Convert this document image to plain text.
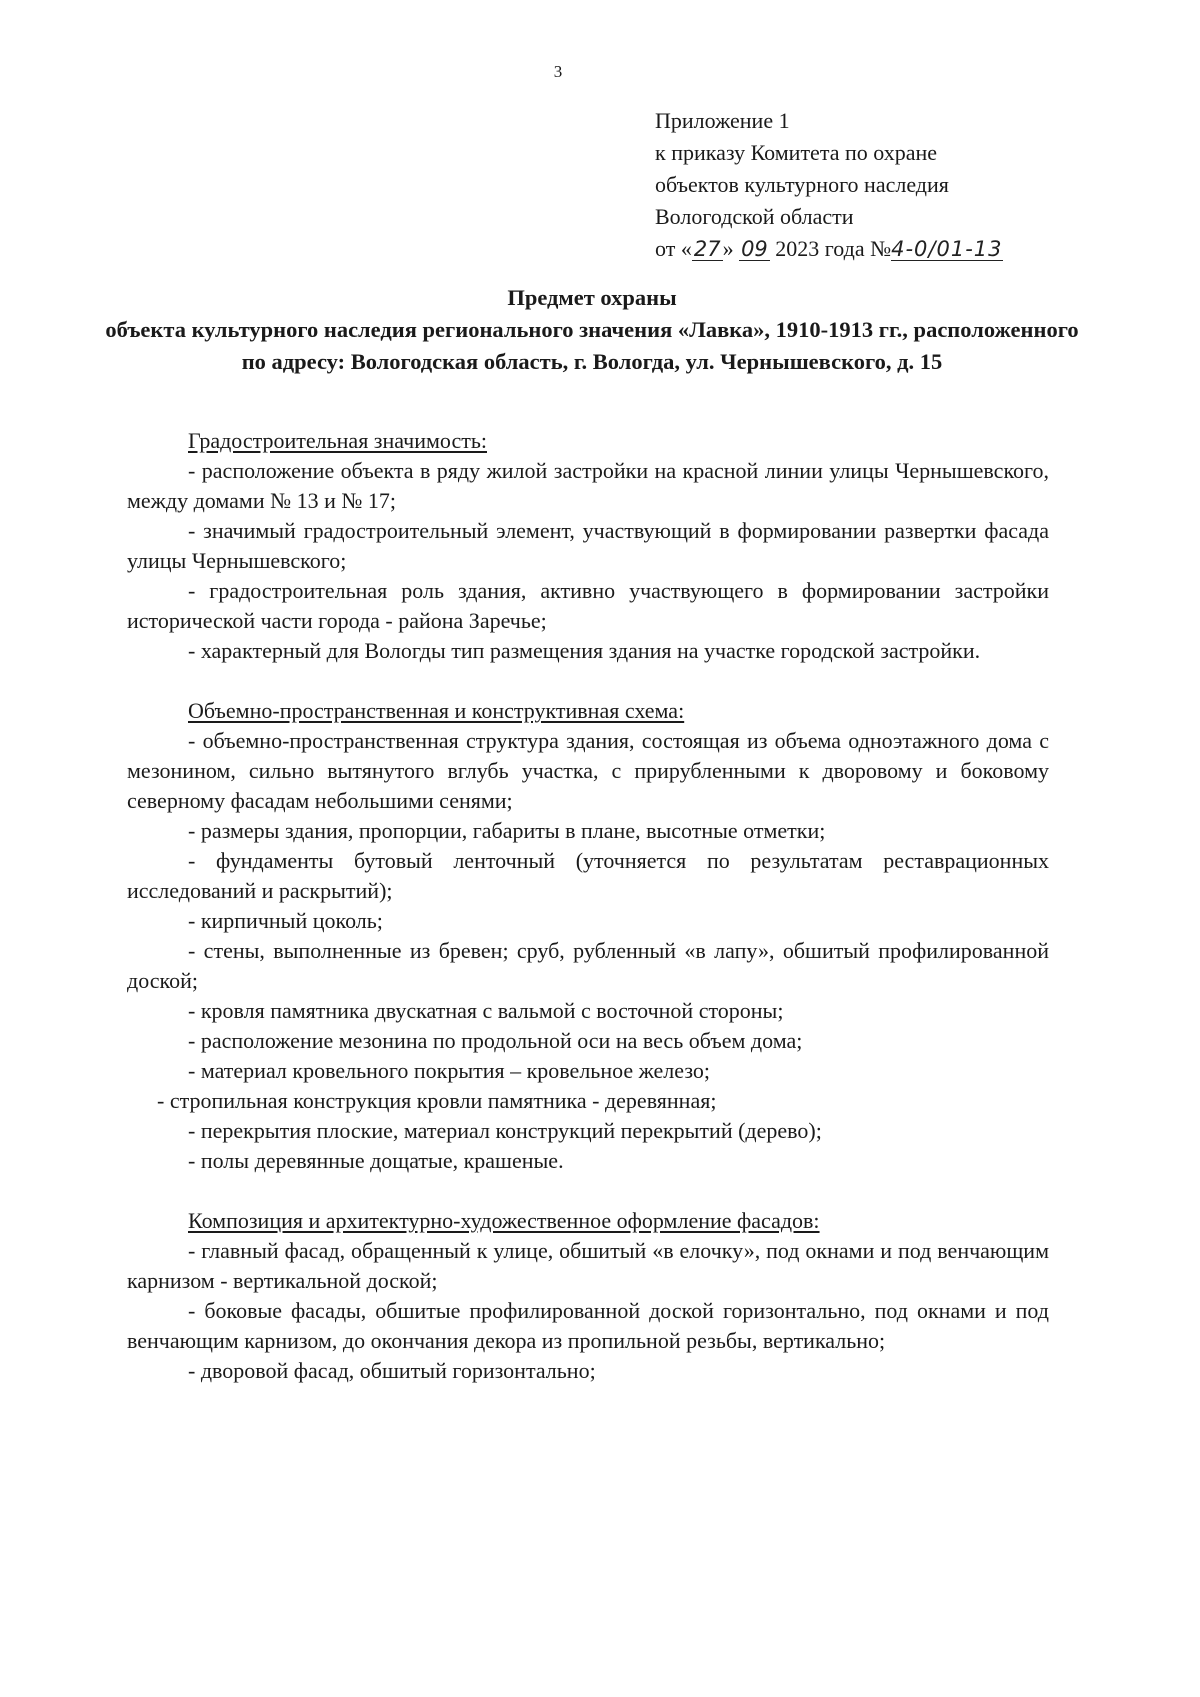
3
Приложение 1
к приказу Комитета по охране
объектов культурного наследия
Вологодской области
от «27» 09 2023 года №4-0/01-13
Предмет охраны
объекта культурного наследия регионального значения «Лавка», 1910-1913 гг., расположенного по адресу: Вологодская область, г. Вологда, ул. Чернышевского, д. 15
Градостроительная значимость:
- расположение объекта в ряду жилой застройки на красной линии улицы Чернышевского, между домами № 13 и № 17;
- значимый градостроительный элемент, участвующий в формировании развертки фасада улицы Чернышевского;
- градостроительная роль здания, активно участвующего в формировании застройки исторической части города - района Заречье;
- характерный для Вологды тип размещения здания на участке городской застройки.
Объемно-пространственная и конструктивная схема:
- объемно-пространственная структура здания, состоящая из объема одноэтажного дома с мезонином, сильно вытянутого вглубь участка, с прирубленными к дворовому и боковому северному фасадам небольшими сенями;
- размеры здания, пропорции, габариты в плане, высотные отметки;
- фундаменты бутовый ленточный (уточняется по результатам реставрационных исследований и раскрытий);
- кирпичный цоколь;
- стены, выполненные из бревен; сруб, рубленный «в лапу», обшитый профилированной доской;
- кровля памятника двускатная с вальмой с восточной стороны;
- расположение мезонина по продольной оси на весь объем дома;
- материал кровельного покрытия – кровельное железо;
- стропильная конструкция кровли памятника - деревянная;
- перекрытия плоские, материал конструкций перекрытий (дерево);
- полы деревянные дощатые, крашеные.
Композиция и архитектурно-художественное оформление фасадов:
- главный фасад, обращенный к улице, обшитый «в елочку», под окнами и под венчающим карнизом - вертикальной доской;
- боковые фасады, обшитые профилированной доской горизонтально, под окнами и под венчающим карнизом, до окончания декора из пропильной резьбы, вертикально;
- дворовой фасад, обшитый горизонтально;
